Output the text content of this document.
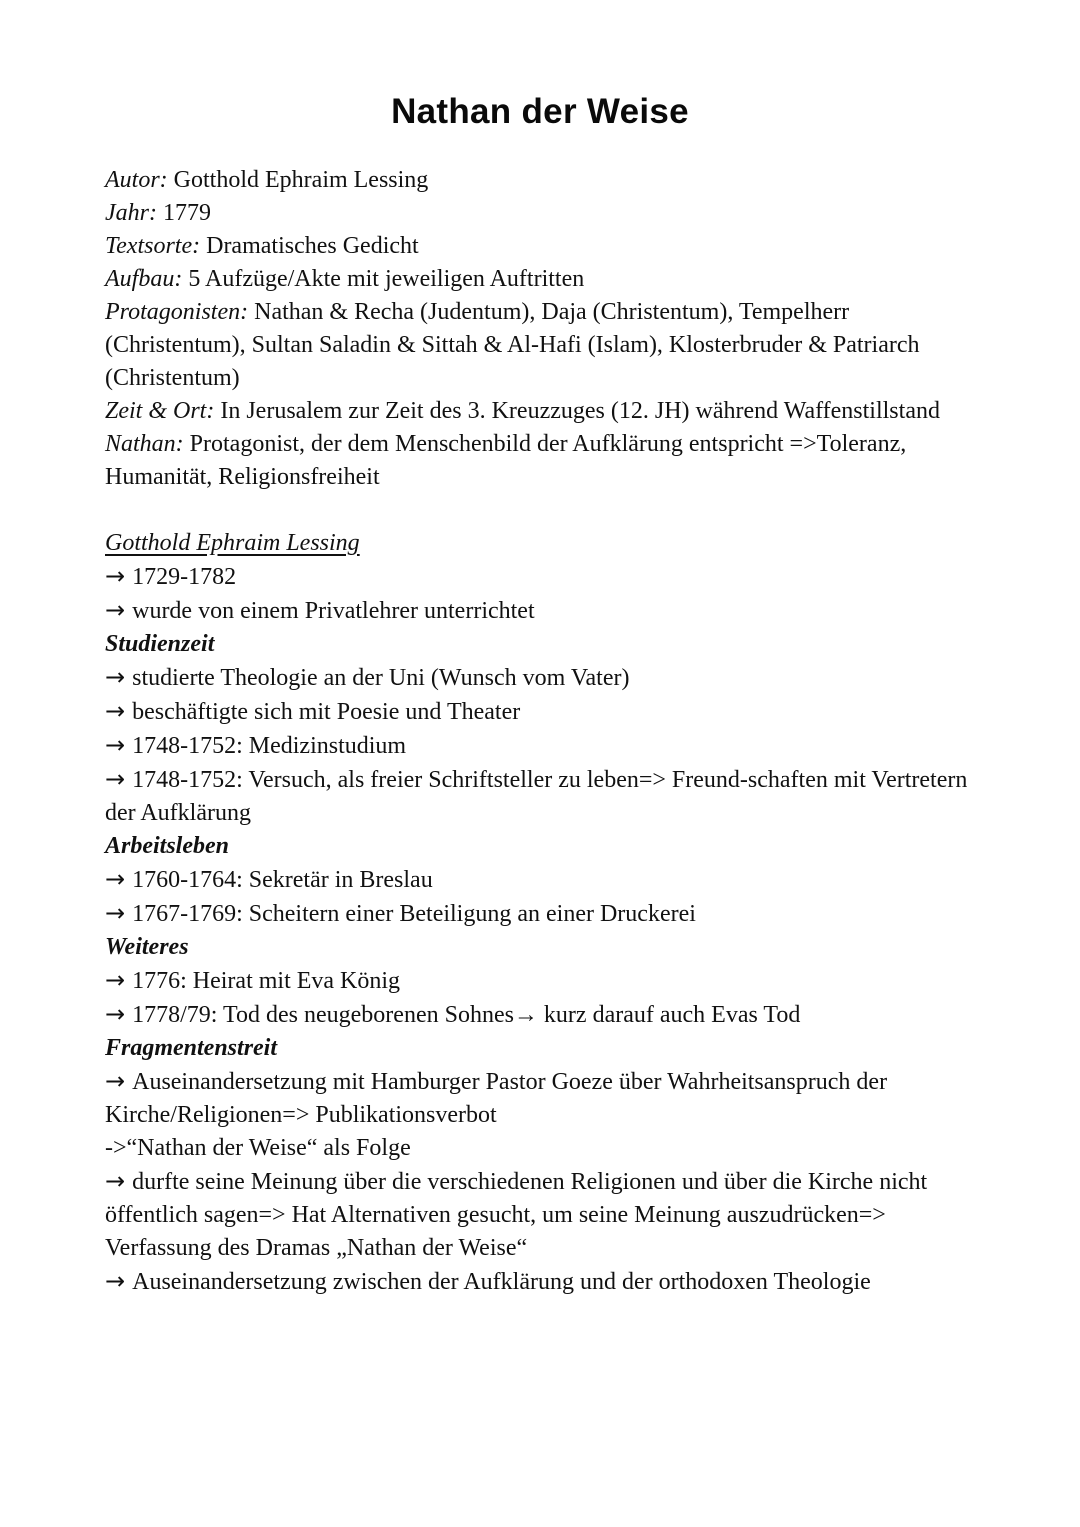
Nathan der Weise

Autor: Gotthold Ephraim Lessing

Jahr: 1779

Textsorte: Dramatisches Gedicht

Aufbau: 5 Aufzüge/Akte mit jeweiligen Auftritten

Protagonisten: Nathan & Recha (Judentum), Daja (Christentum), Tempelherr (Christentum), Sultan Saladin & Sittah & Al-Hafi (Islam), Klosterbruder & Patriarch (Christentum)

Zeit & Ort: In Jerusalem zur Zeit des 3. Kreuzzuges (12. JH) während Waffenstillstand

Nathan: Protagonist, der dem Menschenbild der Aufklärung entspricht =>Toleranz, Humanität, Religionsfreiheit

Gotthold Ephraim Lessing

→ 1729-1782

→ wurde von einem Privatlehrer unterrichtet

Studienzeit

→ studierte Theologie an der Uni (Wunsch vom Vater)

→ beschäftigte sich mit Poesie und Theater

→ 1748-1752: Medizinstudium

→ 1748-1752: Versuch, als freier Schriftsteller zu leben=> Freund-schaften mit Vertretern der Aufklärung

Arbeitsleben

→ 1760-1764: Sekretär in Breslau

→ 1767-1769: Scheitern einer Beteiligung an einer Druckerei

Weiteres

→ 1776: Heirat mit Eva König

→ 1778/79: Tod des neugeborenen Sohnes→ kurz darauf auch Evas Tod

Fragmentenstreit

→ Auseinandersetzung mit Hamburger Pastor Goeze über Wahrheitsanspruch der Kirche/Religionen=> Publikationsverbot

->“Nathan der Weise“ als Folge

→ durfte seine Meinung über die verschiedenen Religionen und über die Kirche nicht öffentlich sagen=> Hat Alternativen gesucht, um seine Meinung auszudrücken=> Verfassung des Dramas „Nathan der Weise“

→ Auseinandersetzung zwischen der Aufklärung und der orthodoxen Theologie
